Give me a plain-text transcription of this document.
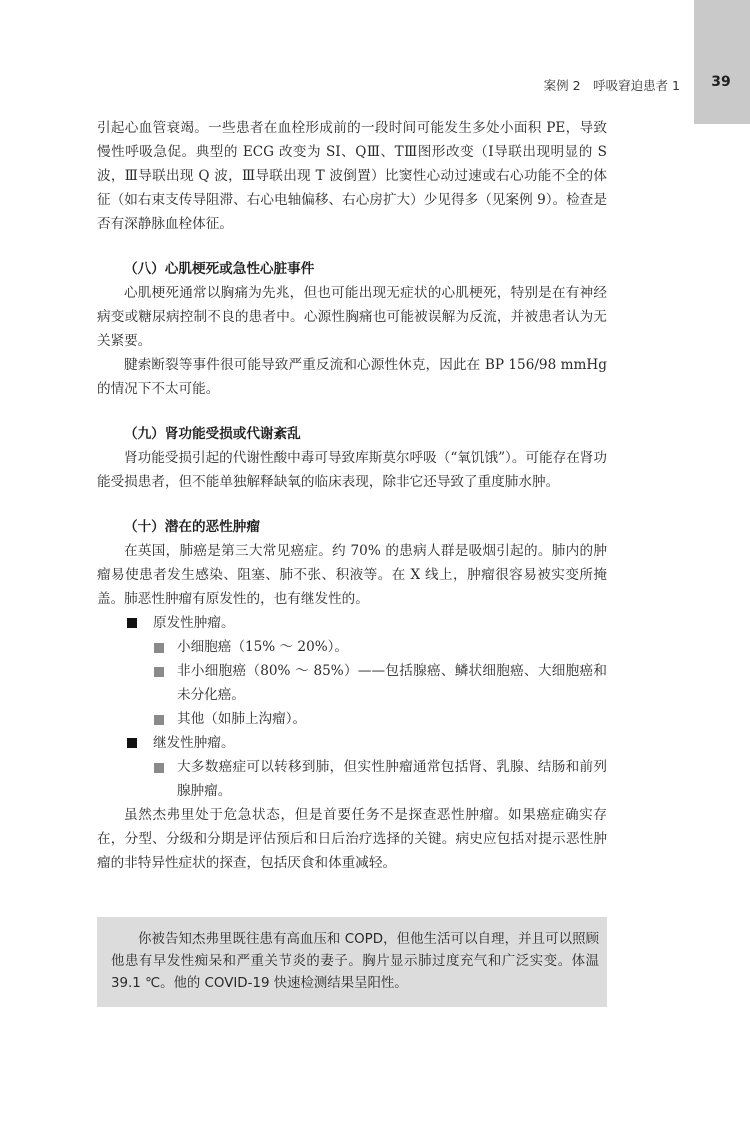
案例 2　呼吸窘迫患者 1	39

引起心血管衰竭。一些患者在血栓形成前的一段时间可能发生多处小面积 PE，导致慢性呼吸急促。典型的 ECG 改变为 SI、QⅢ、TⅢ图形改变（Ⅰ导联出现明显的 S 波，Ⅲ导联出现 Q 波，Ⅲ导联出现 T 波倒置）比窦性心动过速或右心功能不全的体征（如右束支传导阻滞、右心电轴偏移、右心房扩大）少见得多（见案例 9）。检查是否有深静脉血栓体征。

（八）心肌梗死或急性心脏事件

心肌梗死通常以胸痛为先兆，但也可能出现无症状的心肌梗死，特别是在有神经病变或糖尿病控制不良的患者中。心源性胸痛也可能被误解为反流，并被患者认为无关紧要。

腱索断裂等事件很可能导致严重反流和心源性休克，因此在 BP 156/98 mmHg 的情况下不太可能。

（九）肾功能受损或代谢紊乱

肾功能受损引起的代谢性酸中毒可导致库斯莫尔呼吸（“氧饥饿”）。可能存在肾功能受损患者，但不能单独解释缺氧的临床表现，除非它还导致了重度肺水肿。

（十）潜在的恶性肿瘤

在英国，肺癌是第三大常见癌症。约 70% 的患病人群是吸烟引起的。肺内的肿瘤易使患者发生感染、阻塞、肺不张、积液等。在 X 线上，肿瘤很容易被实变所掩盖。肺恶性肿瘤有原发性的，也有继发性的。

原发性肿瘤。
小细胞癌（15% ～ 20%）。
非小细胞癌（80% ～ 85%）——包括腺癌、鳞状细胞癌、大细胞癌和未分化癌。
其他（如肺上沟瘤）。
继发性肿瘤。
大多数癌症可以转移到肺，但实性肿瘤通常包括肾、乳腺、结肠和前列腺肿瘤。

虽然杰弗里处于危急状态，但是首要任务不是探查恶性肿瘤。如果癌症确实存在，分型、分级和分期是评估预后和日后治疗选择的关键。病史应包括对提示恶性肿瘤的非特异性症状的探查，包括厌食和体重减轻。

你被告知杰弗里既往患有高血压和 COPD，但他生活可以自理，并且可以照顾他患有早发性痴呆和严重关节炎的妻子。胸片显示肺过度充气和广泛实变。体温 39.1 ℃。他的 COVID-19 快速检测结果呈阳性。
